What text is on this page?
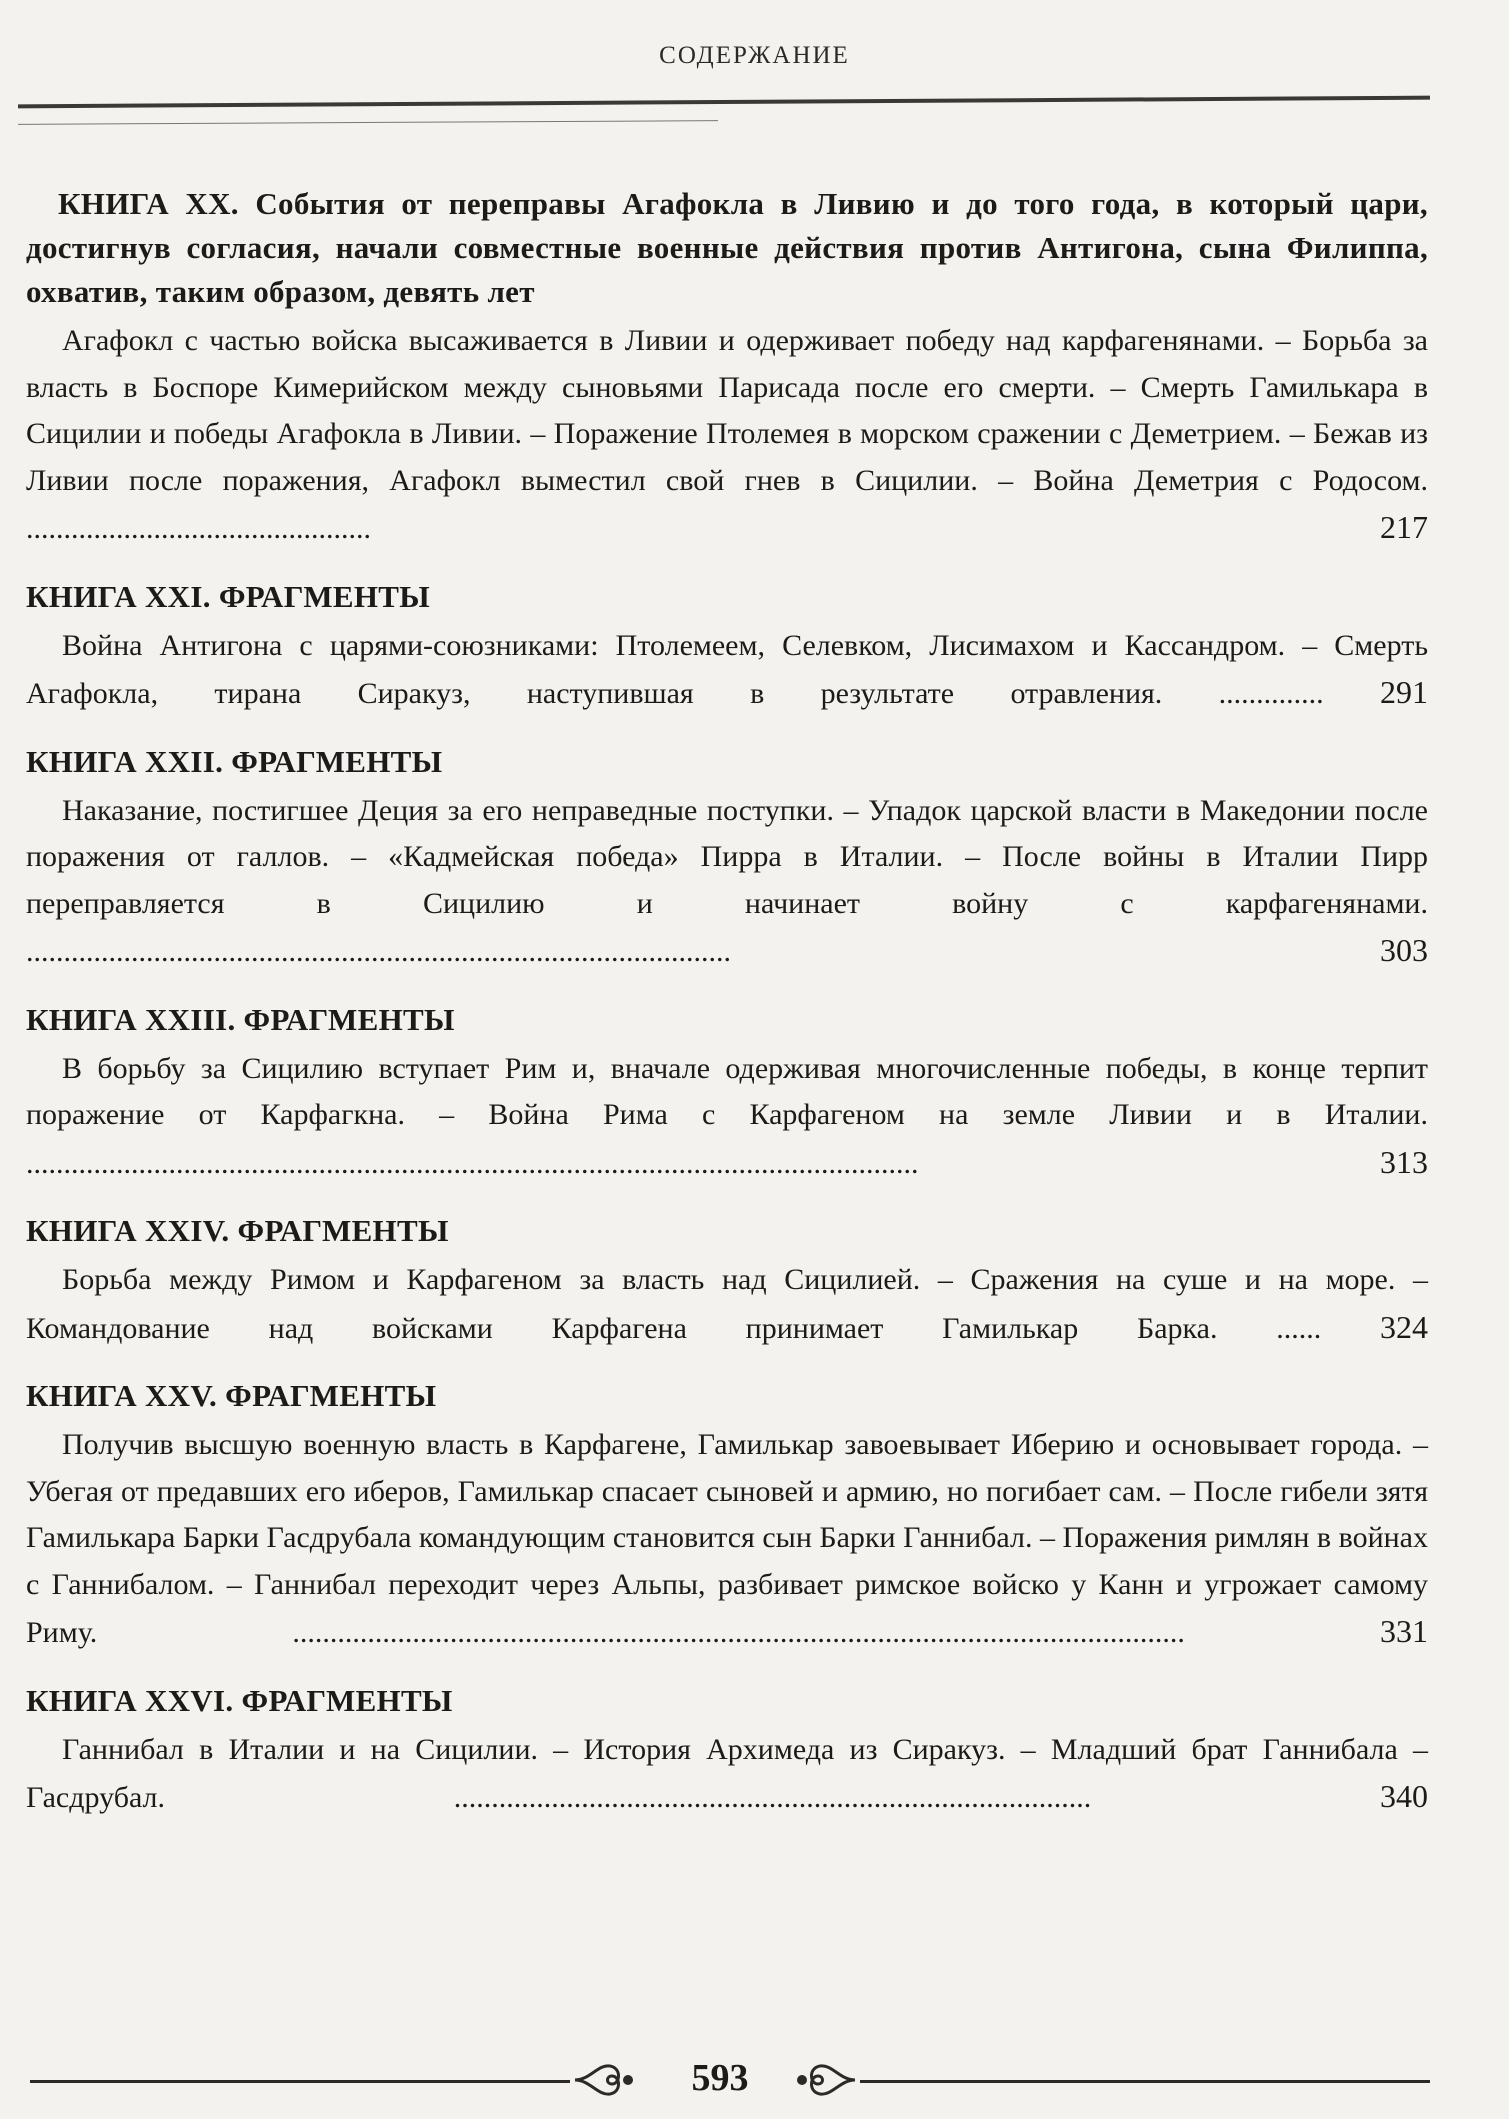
СОДЕРЖАНИЕ

КНИГА XX. События от переправы Агафокла в Ливию и до того года, в который цари, достигнув согласия, начали совместные военные действия против Антигона, сына Филиппа, охватив, таким образом, девять лет

Агафокл с частью войска высаживается в Ливии и одерживает победу над карфагенянами. – Борьба за власть в Боспоре Кимерийском между сыновьями Парисада после его смерти. – Смерть Гамилькара в Сицилии и победы Агафокла в Ливии. – Поражение Птолемея в морском сражении с Деметрием. – Бежав из Ливии после поражения, Агафокл выместил свой гнев в Сицилии. – Война Деметрия с Родосом. ..............................................	217

КНИГА XXI. ФРАГМЕНТЫ

Война Антигона с царями-союзниками: Птолемеем, Селевком, Лисимахом и Кассандром. – Смерть Агафокла, тирана Сиракуз, наступившая в результате отравления. .............. 291

КНИГА XXII. ФРАГМЕНТЫ

Наказание, постигшее Деция за его неправедные поступки. – Упадок царской власти в Македонии после поражения от галлов. – «Кадмейская победа» Пирра в Италии. – После войны в Италии Пирр переправляется в Сицилию и начинает войну с карфагенянами. ..............................................................................................	303

КНИГА XXIII. ФРАГМЕНТЫ

В борьбу за Сицилию вступает Рим и, вначале одерживая многочисленные победы, в конце терпит поражение от Карфагкна. – Война Рима с Карфагеном на земле Ливии и в Италии. .......................................................................................................................	313

КНИГА XXIV. ФРАГМЕНТЫ

Борьба между Римом и Карфагеном за власть над Сицилией. – Сражения на суше и на море. – Командование над войсками Карфагена принимает Гамилькар Барка. ...... 324

КНИГА XXV. ФРАГМЕНТЫ

Получив высшую военную власть в Карфагене, Гамилькар завоевывает Иберию и основывает города. – Убегая от предавших его иберов, Гамилькар спасает сыновей и армию, но погибает сам. – После гибели зятя Гамилькара Барки Гасдрубала командующим становится сын Барки Ганнибал. – Поражения римлян в войнах с Ганнибалом. – Ганнибал переходит через Альпы, разбивает римское войско у Канн и угрожает самому Риму. .......................................................................................................................	331

КНИГА XXVI. ФРАГМЕНТЫ

Ганнибал в Италии и на Сицилии. – История Архимеда из Сиракуз. – Младший брат Ганнибала – Гасдрубал. .....................................................................................	340

593
